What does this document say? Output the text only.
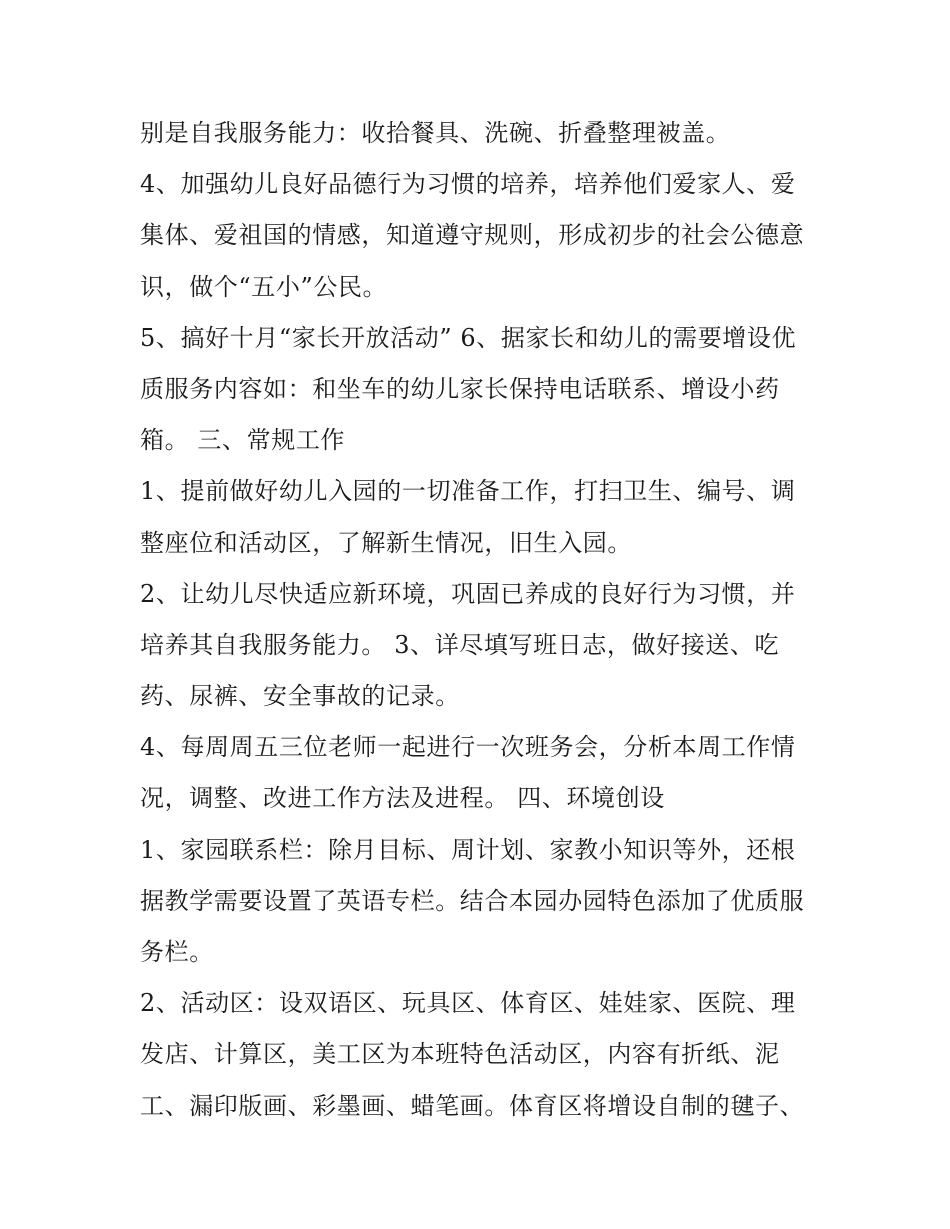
别是自我服务能力：收拾餐具、洗碗、折叠整理被盖。
4、加强幼儿良好品德行为习惯的培养，培养他们爱家人、爱
集体、爱祖国的情感，知道遵守规则，形成初步的社会公德意
识，做个“五小”公民。
5、搞好十月“家长开放活动” 6、据家长和幼儿的需要增设优
质服务内容如：和坐车的幼儿家长保持电话联系、增设小药
箱。 三、常规工作
1、提前做好幼儿入园的一切准备工作，打扫卫生、编号、调
整座位和活动区，了解新生情况，旧生入园。
2、让幼儿尽快适应新环境，巩固已养成的良好行为习惯，并
培养其自我服务能力。 3、详尽填写班日志，做好接送、吃
药、尿裤、安全事故的记录。
4、每周周五三位老师一起进行一次班务会，分析本周工作情
况，调整、改进工作方法及进程。 四、环境创设
1、家园联系栏：除月目标、周计划、家教小知识等外，还根
据教学需要设置了英语专栏。结合本园办园特色添加了优质服
务栏。
2、活动区：设双语区、玩具区、体育区、娃娃家、医院、理
发店、计算区，美工区为本班特色活动区，内容有折纸、泥
工、漏印版画、彩墨画、蜡笔画。体育区将增设自制的毽子、
